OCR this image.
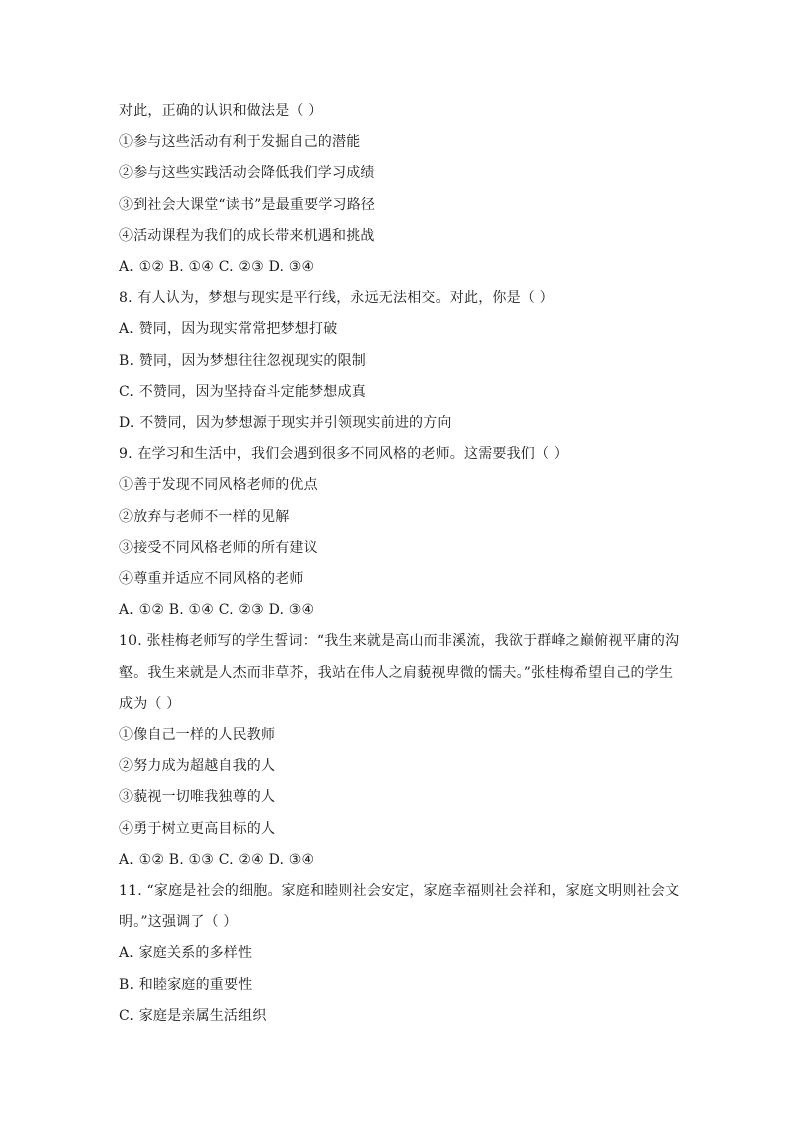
对此，正确的认识和做法是（ ）
①参与这些活动有利于发掘自己的潜能
②参与这些实践活动会降低我们学习成绩
③到社会大课堂“读书”是最重要学习路径
④活动课程为我们的成长带来机遇和挑战
A. ①② B. ①④ C. ②③ D. ③④
8. 有人认为，梦想与现实是平行线，永远无法相交。对此，你是（ ）
A. 赞同，因为现实常常把梦想打破
B. 赞同，因为梦想往往忽视现实的限制
C. 不赞同，因为坚持奋斗定能梦想成真
D. 不赞同，因为梦想源于现实并引领现实前进的方向
9. 在学习和生活中，我们会遇到很多不同风格的老师。这需要我们（ ）
①善于发现不同风格老师的优点
②放弃与老师不一样的见解
③接受不同风格老师的所有建议
④尊重并适应不同风格的老师
A. ①② B. ①④ C. ②③ D. ③④
10. 张桂梅老师写的学生誓词：“我生来就是高山而非溪流，我欲于群峰之巅俯视平庸的沟
壑。我生来就是人杰而非草芥，我站在伟人之肩藐视卑微的懦夫。”张桂梅希望自己的学生
成为（ ）
①像自己一样的人民教师
②努力成为超越自我的人
③藐视一切唯我独尊的人
④勇于树立更高目标的人
A. ①② B. ①③ C. ②④ D. ③④
11. “家庭是社会的细胞。家庭和睦则社会安定，家庭幸福则社会祥和，家庭文明则社会文
明。”这强调了（ ）
A. 家庭关系的多样性
B. 和睦家庭的重要性
C. 家庭是亲属生活组织
